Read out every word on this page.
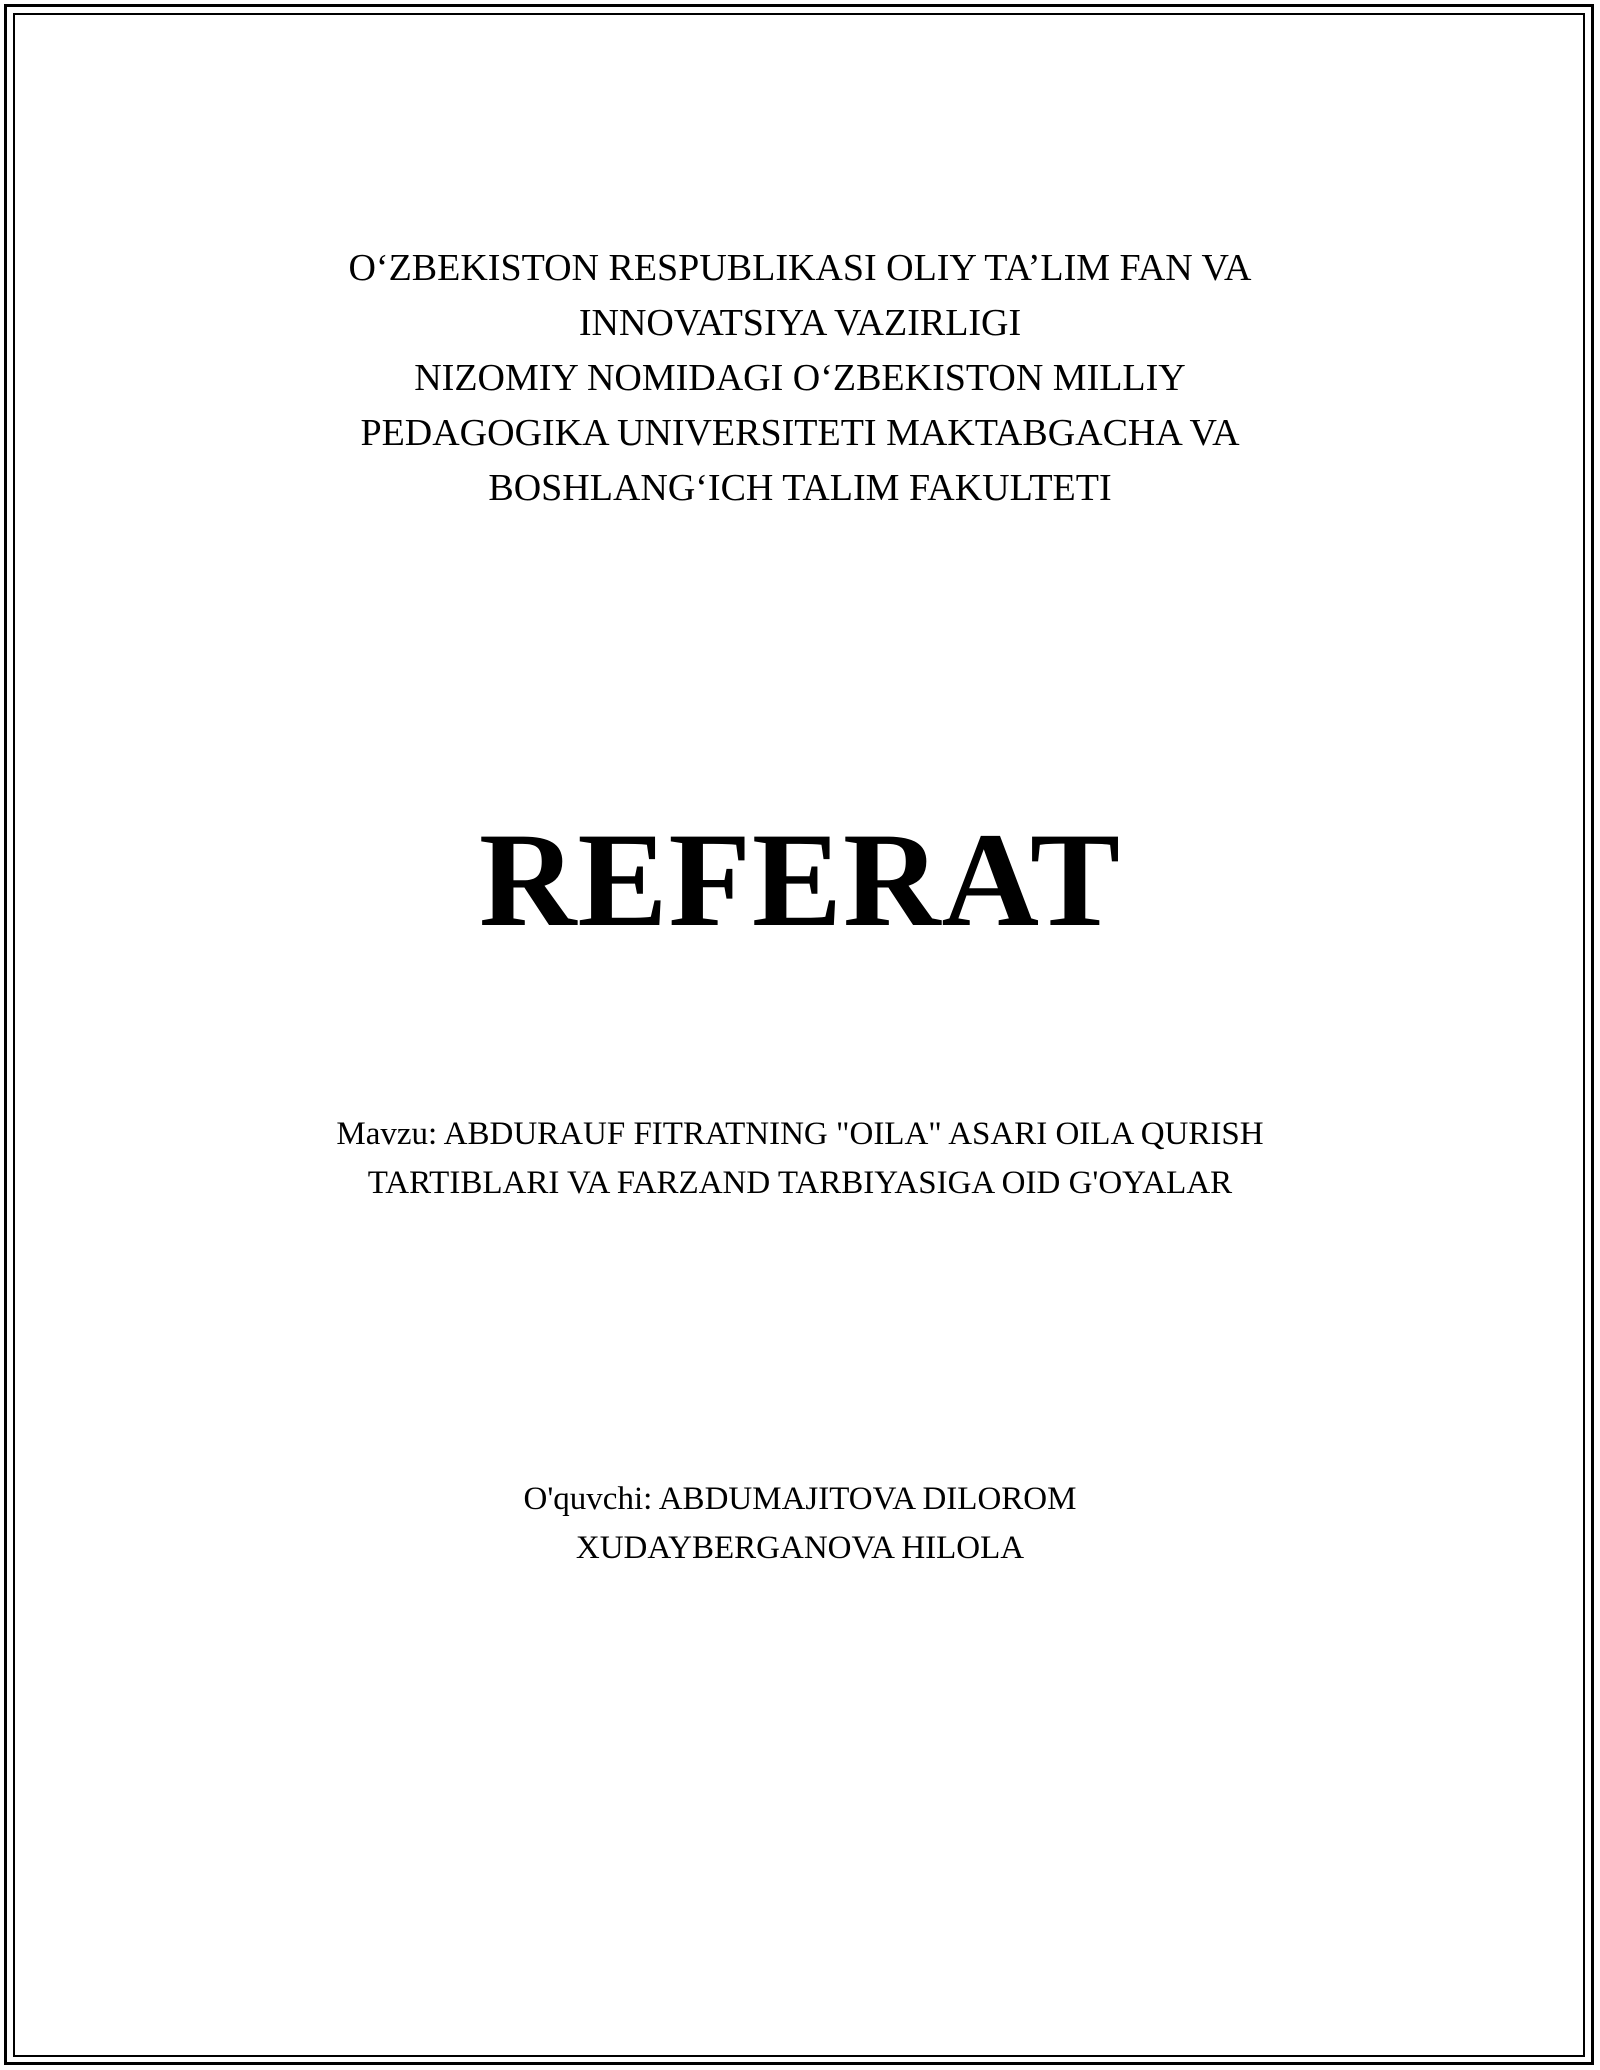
O‘ZBEKISTON RESPUBLIKASI OLIY TA’LIM FAN VA
INNOVATSIYA VAZIRLIGI
NIZOMIY NOMIDAGI O‘ZBEKISTON MILLIY
PEDAGOGIKA UNIVERSITETI MAKTABGACHA VA
BOSHLANG‘ICH TALIM FAKULTETI
REFERAT
Mavzu: ABDURAUF FITRATNING "OILA" ASARI OILA QURISH
TARTIBLARI VA FARZAND TARBIYASIGA OID G'OYALAR
O'quvchi: ABDUMAJITOVA DILOROM
XUDAYBERGANOVA HILOLA
